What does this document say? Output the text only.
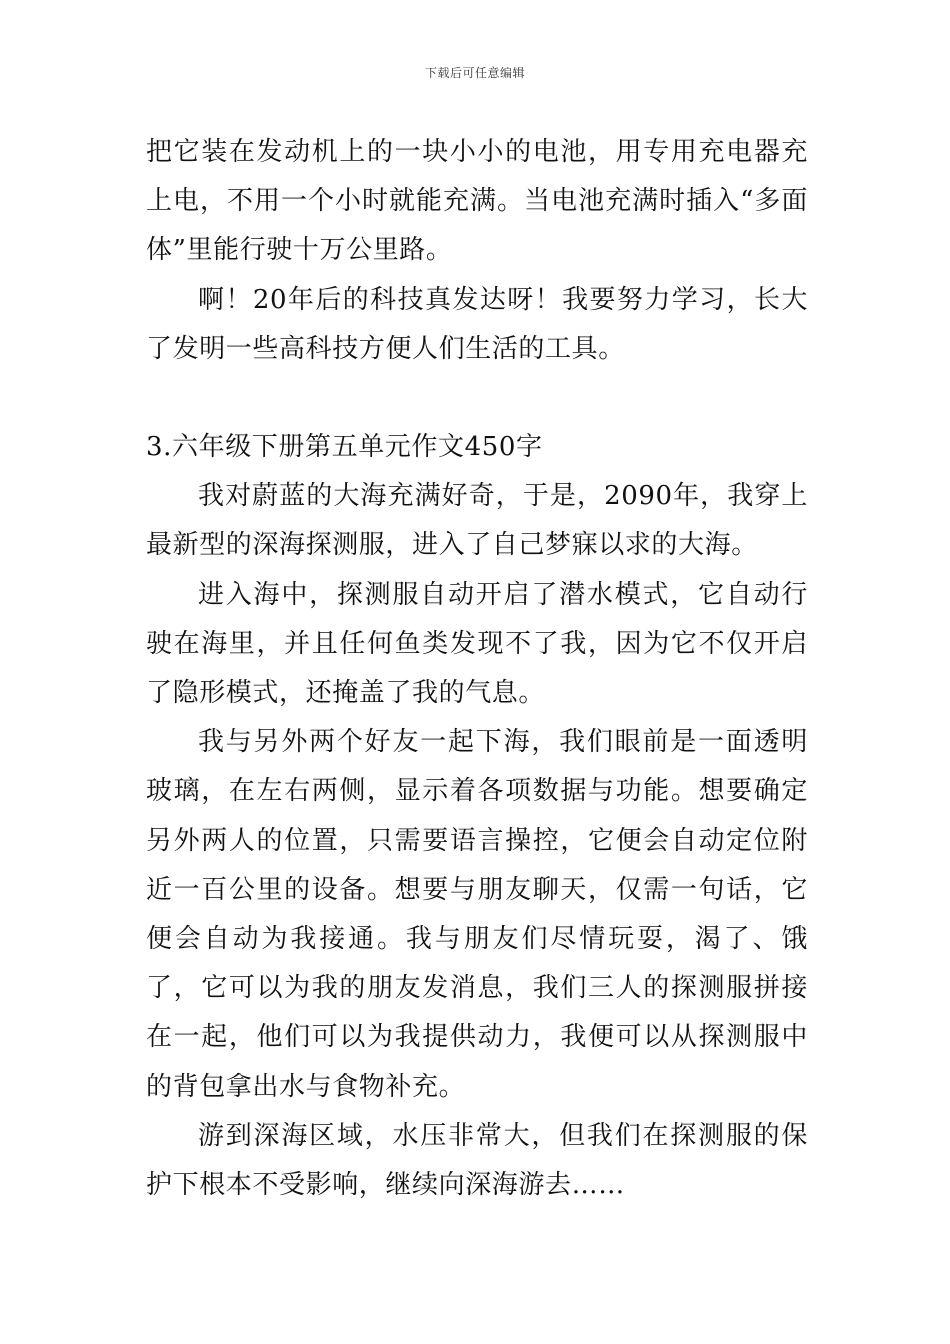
下载后可任意编辑

把它装在发动机上的一块小小的电池，用专用充电器充上电，不用一个小时就能充满。当电池充满时插入“多面体”里能行驶十万公里路。

啊！20年后的科技真发达呀！我要努力学习，长大了发明一些高科技方便人们生活的工具。

3.六年级下册第五单元作文450字

我对蔚蓝的大海充满好奇，于是，2090年，我穿上最新型的深海探测服，进入了自己梦寐以求的大海。

进入海中，探测服自动开启了潜水模式，它自动行驶在海里，并且任何鱼类发现不了我，因为它不仅开启了隐形模式，还掩盖了我的气息。

我与另外两个好友一起下海，我们眼前是一面透明玻璃，在左右两侧，显示着各项数据与功能。想要确定另外两人的位置，只需要语言操控，它便会自动定位附近一百公里的设备。想要与朋友聊天，仅需一句话，它便会自动为我接通。我与朋友们尽情玩耍，渴了、饿了，它可以为我的朋友发消息，我们三人的探测服拼接在一起，他们可以为我提供动力，我便可以从探测服中的背包拿出水与食物补充。

游到深海区域，水压非常大，但我们在探测服的保护下根本不受影响，继续向深海游去……
